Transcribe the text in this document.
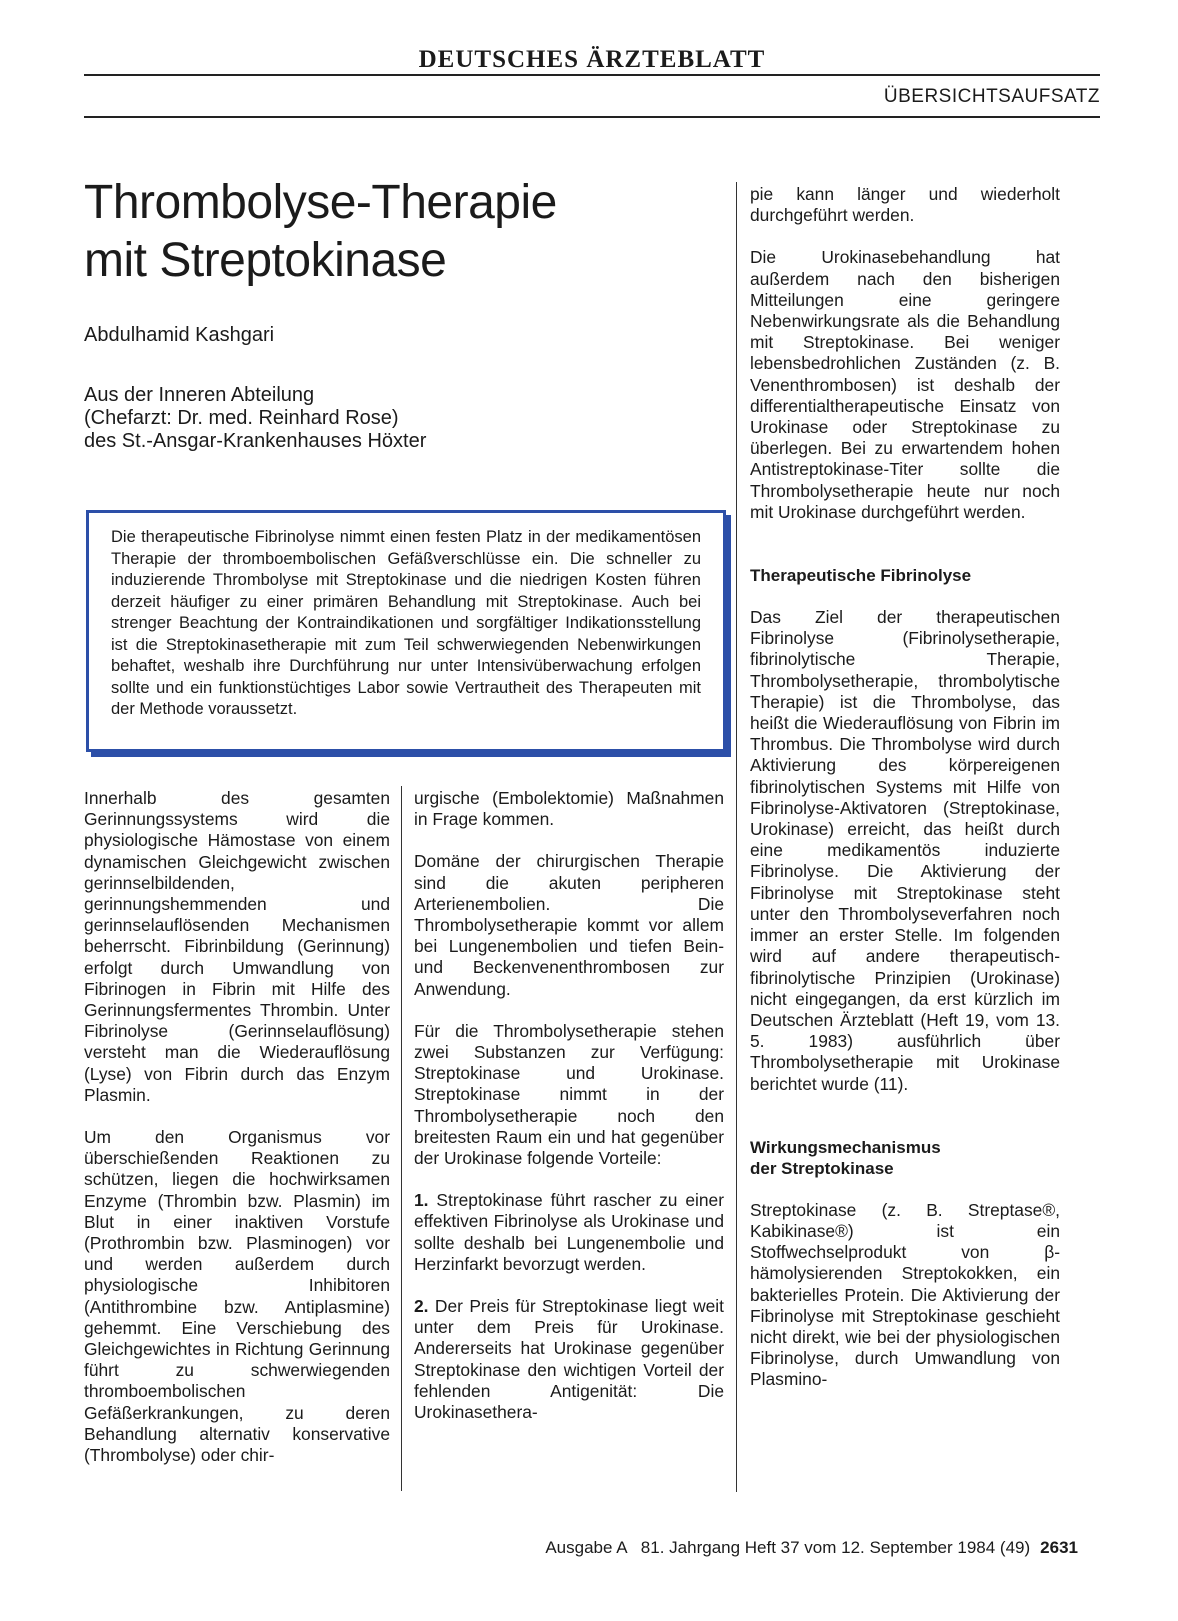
DEUTSCHES ÄRZTEBLATT
ÜBERSICHTSAUFSATZ
Thrombolyse-Therapie
mit Streptokinase
Abdulhamid Kashgari
Aus der Inneren Abteilung
(Chefarzt: Dr. med. Reinhard Rose)
des St.-Ansgar-Krankenhauses Höxter

Die therapeutische Fibrinolyse nimmt einen festen Platz in der medikamentösen Therapie der thromboembolischen Gefäßverschlüsse ein. Die schneller zu induzierende Thrombolyse mit Streptokinase und die niedrigen Kosten führen derzeit häufiger zu einer primären Behandlung mit Streptokinase. Auch bei strenger Beachtung der Kontraindikationen und sorgfältiger Indikationsstellung ist die Streptokinasetherapie mit zum Teil schwerwiegenden Nebenwirkungen behaftet, weshalb ihre Durchführung nur unter Intensivüberwachung erfolgen sollte und ein funktionstüchtiges Labor sowie Vertrautheit des Therapeuten mit der Methode voraussetzt.

Innerhalb des gesamten Gerinnungssystems wird die physiologische Hämostase von einem dynamischen Gleichgewicht zwischen gerinnselbildenden, gerinnungshemmenden und gerinnselauflösenden Mechanismen beherrscht. Fibrinbildung (Gerinnung) erfolgt durch Umwandlung von Fibrinogen in Fibrin mit Hilfe des Gerinnungsfermentes Thrombin. Unter Fibrinolyse (Gerinnselauflösung) versteht man die Wiederauflösung (Lyse) von Fibrin durch das Enzym Plasmin.

Um den Organismus vor überschießenden Reaktionen zu schützen, liegen die hochwirksamen Enzyme (Thrombin bzw. Plasmin) im Blut in einer inaktiven Vorstufe (Prothrombin bzw. Plasminogen) vor und werden außerdem durch physiologische Inhibitoren (Antithrombine bzw. Antiplasmine) gehemmt. Eine Verschiebung des Gleichgewichtes in Richtung Gerinnung führt zu schwerwiegenden thromboembolischen Gefäßerkrankungen, zu deren Behandlung alternativ konservative (Thrombolyse) oder chir-

urgische (Embolektomie) Maßnahmen in Frage kommen.

Domäne der chirurgischen Therapie sind die akuten peripheren Arterienembolien. Die Thrombolysetherapie kommt vor allem bei Lungenembolien und tiefen Bein- und Beckenvenenthrombosen zur Anwendung.

Für die Thrombolysetherapie stehen zwei Substanzen zur Verfügung: Streptokinase und Urokinase. Streptokinase nimmt in der Thrombolysetherapie noch den breitesten Raum ein und hat gegenüber der Urokinase folgende Vorteile:

1. Streptokinase führt rascher zu einer effektiven Fibrinolyse als Urokinase und sollte deshalb bei Lungenembolie und Herzinfarkt bevorzugt werden.

2. Der Preis für Streptokinase liegt weit unter dem Preis für Urokinase. Andererseits hat Urokinase gegenüber Streptokinase den wichtigen Vorteil der fehlenden Antigenität: Die Urokinasethera-

pie kann länger und wiederholt durchgeführt werden.

Die Urokinasebehandlung hat außerdem nach den bisherigen Mitteilungen eine geringere Nebenwirkungsrate als die Behandlung mit Streptokinase. Bei weniger lebensbedrohlichen Zuständen (z. B. Venenthrombosen) ist deshalb der differentialtherapeutische Einsatz von Urokinase oder Streptokinase zu überlegen. Bei zu erwartendem hohen Antistreptokinase-Titer sollte die Thrombolysetherapie heute nur noch mit Urokinase durchgeführt werden.

Therapeutische Fibrinolyse

Das Ziel der therapeutischen Fibrinolyse (Fibrinolysetherapie, fibrinolytische Therapie, Thrombolysetherapie, thrombolytische Therapie) ist die Thrombolyse, das heißt die Wiederauflösung von Fibrin im Thrombus. Die Thrombolyse wird durch Aktivierung des körpereigenen fibrinolytischen Systems mit Hilfe von Fibrinolyse-Aktivatoren (Streptokinase, Urokinase) erreicht, das heißt durch eine medikamentös induzierte Fibrinolyse. Die Aktivierung der Fibrinolyse mit Streptokinase steht unter den Thrombolyseverfahren noch immer an erster Stelle. Im folgenden wird auf andere therapeutisch-fibrinolytische Prinzipien (Urokinase) nicht eingegangen, da erst kürzlich im Deutschen Ärzteblatt (Heft 19, vom 13. 5. 1983) ausführlich über Thrombolysetherapie mit Urokinase berichtet wurde (11).

Wirkungsmechanismus
der Streptokinase

Streptokinase (z. B. Streptase®, Kabikinase®) ist ein Stoffwechselprodukt von β-hämolysierenden Streptokokken, ein bakterielles Protein. Die Aktivierung der Fibrinolyse mit Streptokinase geschieht nicht direkt, wie bei der physiologischen Fibrinolyse, durch Umwandlung von Plasmino-

Ausgabe A   81. Jahrgang Heft 37 vom 12. September 1984 (49) 2631
